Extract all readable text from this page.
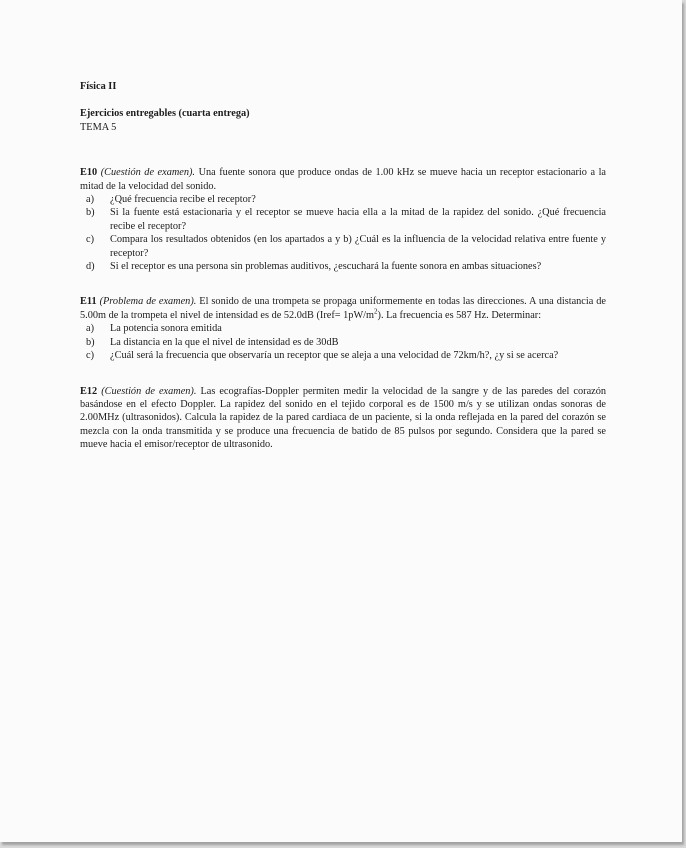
Física II

Ejercicios entregables (cuarta entrega)

TEMA 5

E10 (Cuestión de examen). Una fuente sonora que produce ondas de 1.00 kHz se mueve hacia un receptor estacionario a la mitad de la velocidad del sonido.

a) ¿Qué frecuencia recibe el receptor?
b) Si la fuente está estacionaria y el receptor se mueve hacia ella a la mitad de la rapidez del sonido. ¿Qué frecuencia recibe el receptor?
c) Compara los resultados obtenidos (en los apartados a y b) ¿Cuál es la influencia de la velocidad relativa entre fuente y receptor?
d) Si el receptor es una persona sin problemas auditivos, ¿escuchará la fuente sonora en ambas situaciones?

E11 (Problema de examen). El sonido de una trompeta se propaga uniformemente en todas las direcciones. A una distancia de 5.00m de la trompeta el nivel de intensidad es de 52.0dB (Iref= $1pW/m^2$). La frecuencia es 587 Hz. Determinar:

a) La potencia sonora emitida
b) La distancia en la que el nivel de intensidad es de 30dB
c) ¿Cuál será la frecuencia que observaría un receptor que se aleja a una velocidad de 72km/h?, ¿y si se acerca?

E12 (Cuestión de examen). Las ecografías-Doppler permiten medir la velocidad de la sangre y de las paredes del corazón basándose en el efecto Doppler. La rapidez del sonido en el tejido corporal es de 1500 m/s y se utilizan ondas sonoras de 2.00MHz (ultrasonidos). Calcula la rapidez de la pared cardiaca de un paciente, si la onda reflejada en la pared del corazón se mezcla con la onda transmitida y se produce una frecuencia de batido de 85 pulsos por segundo. Considera que la pared se mueve hacia el emisor/receptor de ultrasonido.
